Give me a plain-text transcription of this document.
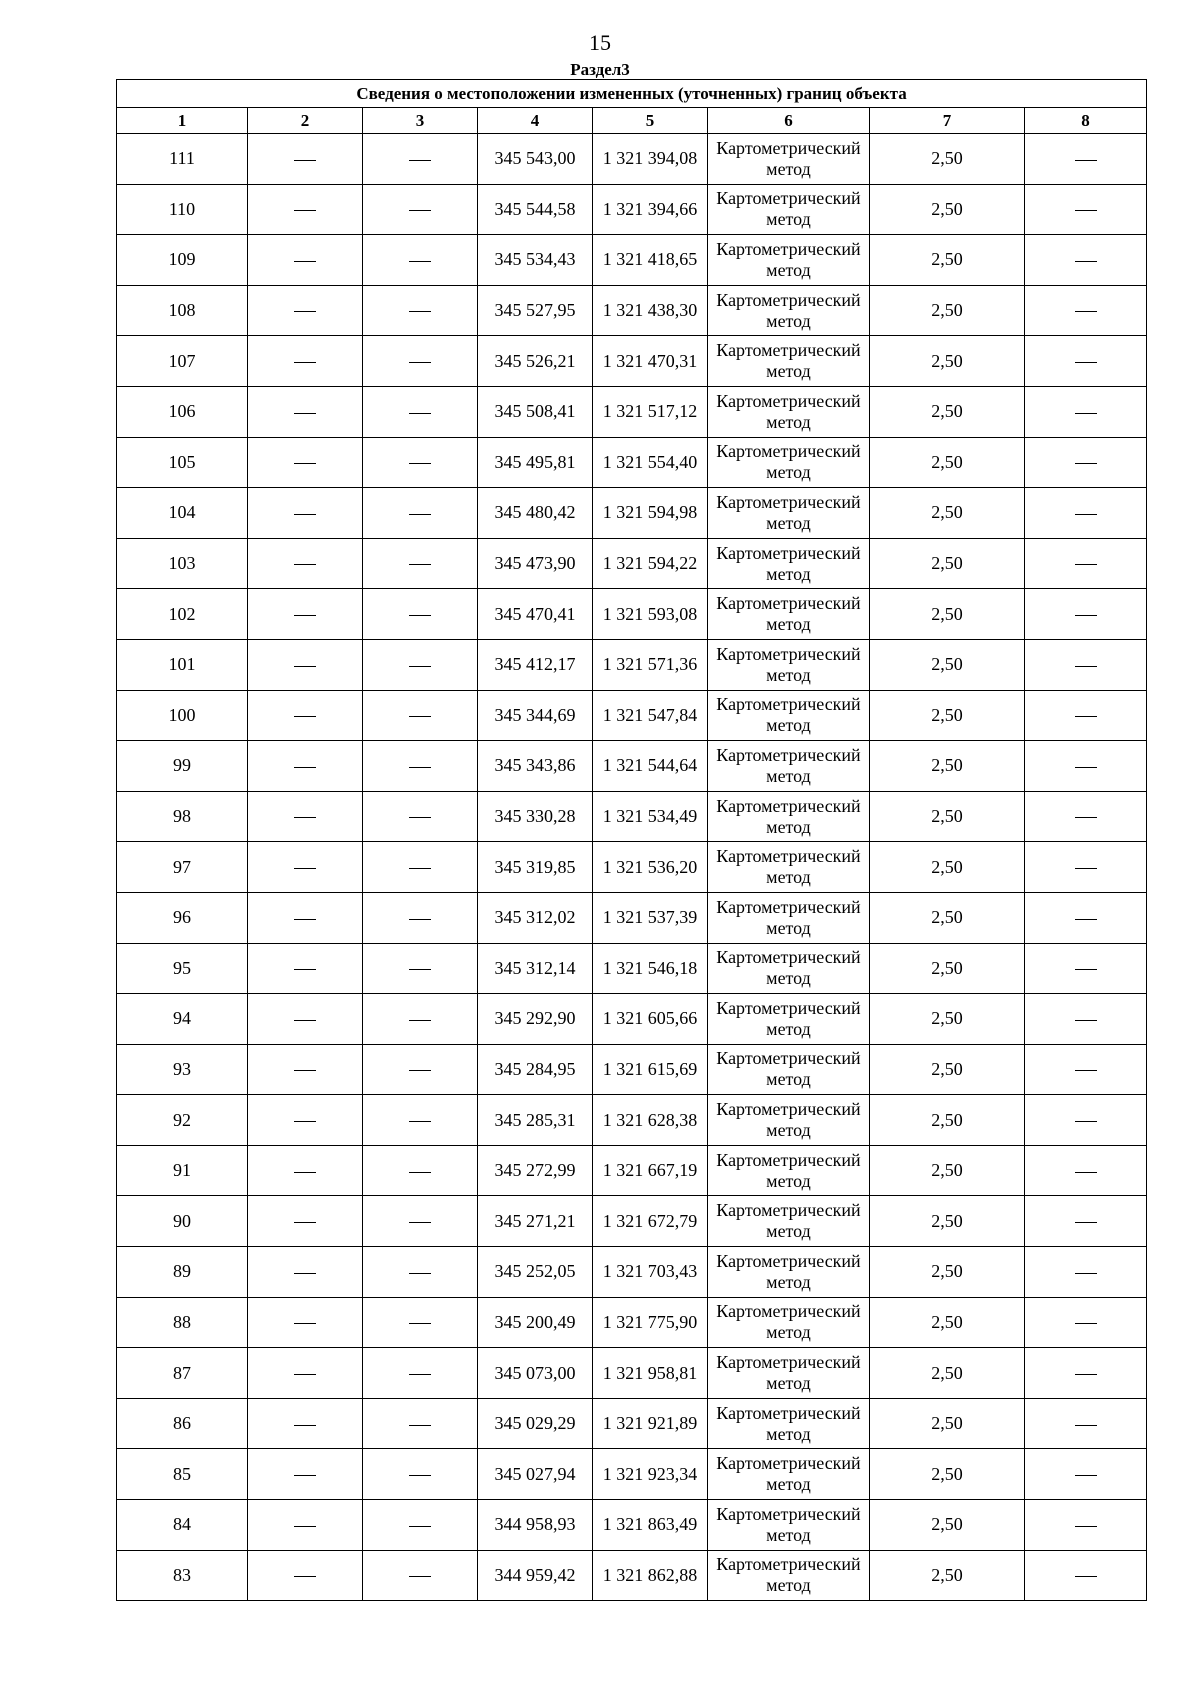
15
Раздел3
Сведения о местоположении измененных (уточненных) границ объекта							
1	2	3	4	5	6	7	8
111			345 543,00	1 321 394,08	Картометрический метод	2,50	
110			345 544,58	1 321 394,66	Картометрический метод	2,50	
109			345 534,43	1 321 418,65	Картометрический метод	2,50	
108			345 527,95	1 321 438,30	Картометрический метод	2,50	
107			345 526,21	1 321 470,31	Картометрический метод	2,50	
106			345 508,41	1 321 517,12	Картометрический метод	2,50	
105			345 495,81	1 321 554,40	Картометрический метод	2,50	
104			345 480,42	1 321 594,98	Картометрический метод	2,50	
103			345 473,90	1 321 594,22	Картометрический метод	2,50	
102			345 470,41	1 321 593,08	Картометрический метод	2,50	
101			345 412,17	1 321 571,36	Картометрический метод	2,50	
100			345 344,69	1 321 547,84	Картометрический метод	2,50	
99			345 343,86	1 321 544,64	Картометрический метод	2,50	
98			345 330,28	1 321 534,49	Картометрический метод	2,50	
97			345 319,85	1 321 536,20	Картометрический метод	2,50	
96			345 312,02	1 321 537,39	Картометрический метод	2,50	
95			345 312,14	1 321 546,18	Картометрический метод	2,50	
94			345 292,90	1 321 605,66	Картометрический метод	2,50	
93			345 284,95	1 321 615,69	Картометрический метод	2,50	
92			345 285,31	1 321 628,38	Картометрический метод	2,50	
91			345 272,99	1 321 667,19	Картометрический метод	2,50	
90			345 271,21	1 321 672,79	Картометрический метод	2,50	
89			345 252,05	1 321 703,43	Картометрический метод	2,50	
88			345 200,49	1 321 775,90	Картометрический метод	2,50	
87			345 073,00	1 321 958,81	Картометрический метод	2,50	
86			345 029,29	1 321 921,89	Картометрический метод	2,50	
85			345 027,94	1 321 923,34	Картометрический метод	2,50	
84			344 958,93	1 321 863,49	Картометрический метод	2,50	
83			344 959,42	1 321 862,88	Картометрический метод	2,50	
